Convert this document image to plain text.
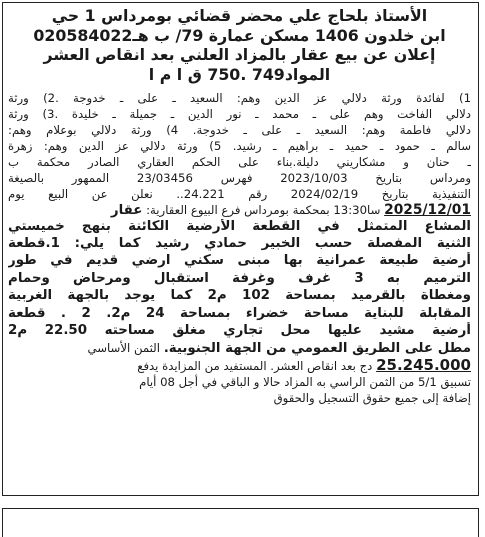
الأستاذ بلحاج علي محضر قضائي بومرداس 1 حي
ابن خلدون 1406 مسكن عمارة 79/ ب هـ020584022
إعلان عن بيع عقار بالمزاد العلني بعد انقاص العشر
المواد749 .750 ق ا م ا
1) لفائدة ورثة دلالي عز الدين وهم: السعيد ـ على ـ خدوجة .2) ورثة
دلالي الفاخت وهم على ـ محمد ـ نور الدين ـ جميلة ـ خليدة .3) ورثة
دلالي فاطمة وهم: السعيد ـ على ـ خدوجة. 4) ورثة دلالي بوعلام وهم:
سالم ـ حمود ـ حميد ـ براهيم ـ رشيد. 5) ورثة دلالي عز الدين وهم: زهرة
ـ حنان و مشكاريني دليلة.بناء على الحكم العقاري الصادر محكمة ب
ومرداس بتاريخ 2023/10/03 فهرس 23/03456 الممهور بالصيغة
التنفيذية بتاريخ 2024/02/19 رقم 24.221.. نعلن عن البيع يوم
2025/12/01 سا13:30 بمحكمة بومرداس فرع البيوع العقارية: عقار
المشاع المتمثل في القطعة الأرضية الكائنة بنهج خميستي
الثنية المفصلة حسب الخبير حمادي رشيد كما يلي: 1.قطعة
أرضية طبيعة عمرانية بها مبنى سكني ارضي قديم في طور
الترميم به 3 غرف وغرفة استقبال ومرحاض وحمام
ومغطاة بالقرميد بمساحة 102 م2 كما يوجد بالجهة الغربية
المقابلة للبناية مساحة خضراء بمساحة 24 م2. 2 . قطعة
أرضية مشيد عليها محل تجاري مغلق مساحته 22.50 م2
مطل على الطريق العمومي من الجهة الجنوبية. الثمن الأساسي
25.245.000 دج بعد انقاص العشر. المستفيد من المزايدة يدفع
تسبيق 5/1 من الثمن الراسي به المزاد حالا و الباقي في أجل 08 أيام
إضافة إلى جميع حقوق التسجيل والحقوق
